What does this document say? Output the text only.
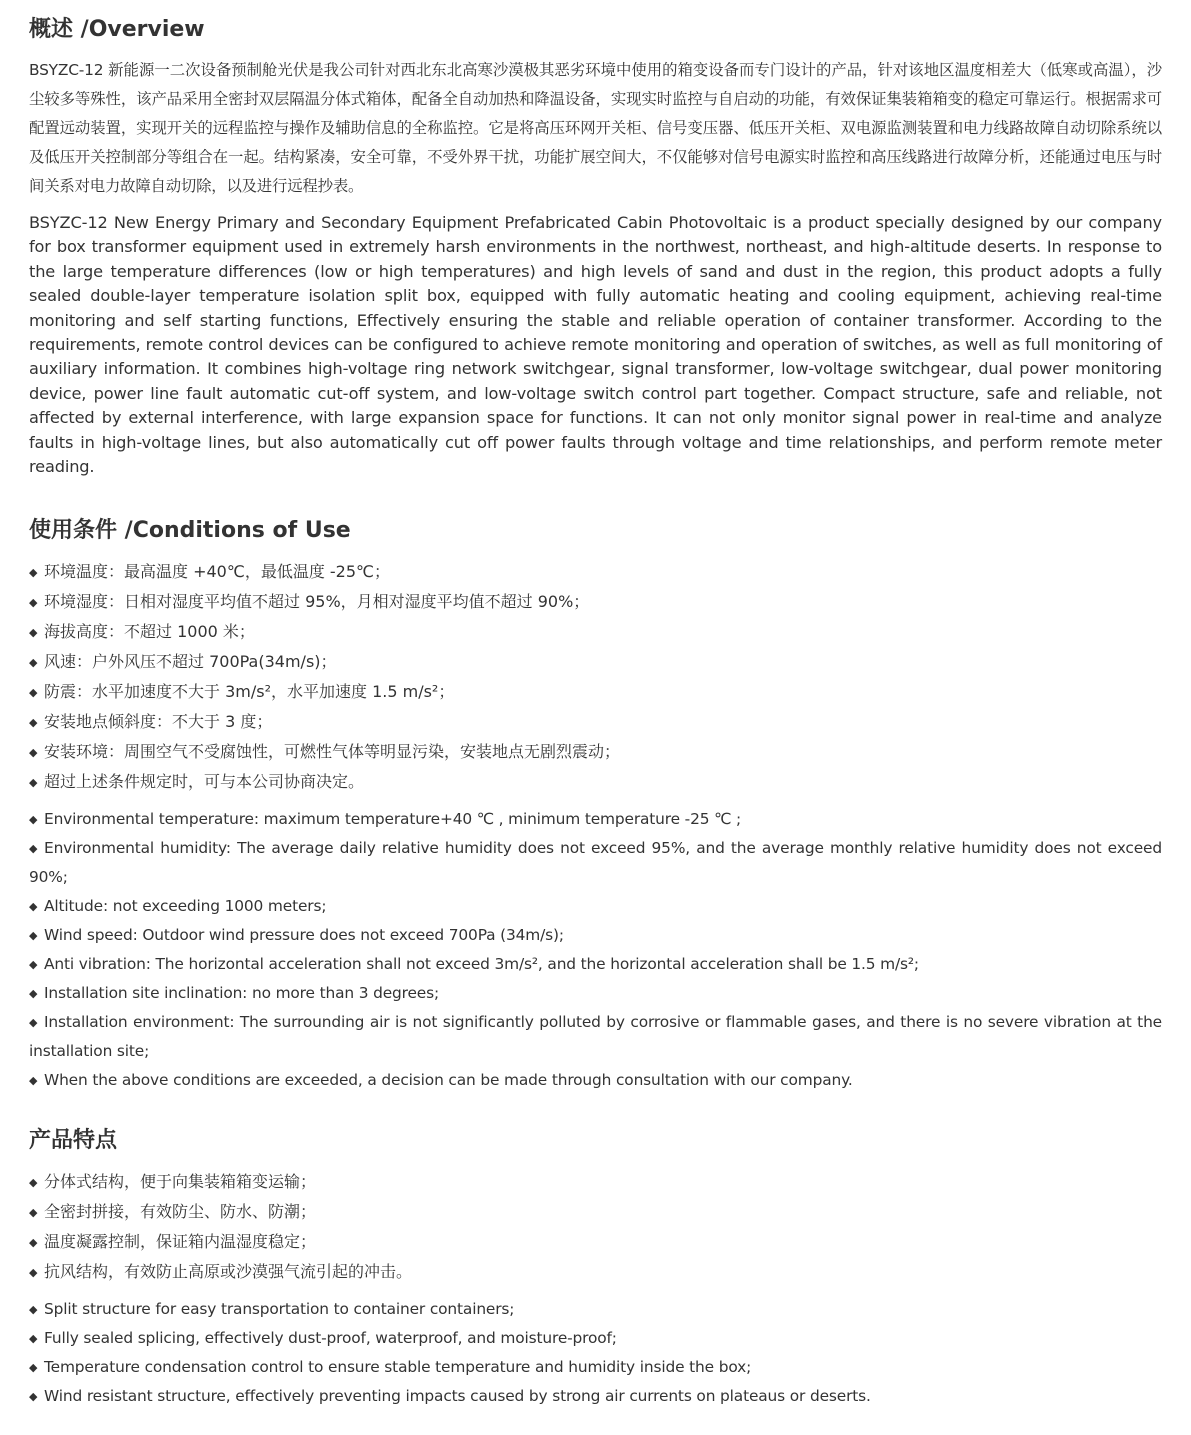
概述 /Overview

BSYZC-12 新能源一二次设备预制舱光伏是我公司针对西北东北高寒沙漠极其恶劣环境中使用的箱变设备而专门设计的产品，针对该地区温度相差大（低寒或高温），沙尘较多等殊性，该产品采用全密封双层隔温分体式箱体，配备全自动加热和降温设备，实现实时监控与自启动的功能，有效保证集装箱箱变的稳定可靠运行。根据需求可配置远动装置，实现开关的远程监控与操作及辅助信息的全称监控。它是将高压环网开关柜、信号变压器、低压开关柜、双电源监测装置和电力线路故障自动切除系统以及低压开关控制部分等组合在一起。结构紧凑，安全可靠，不受外界干扰，功能扩展空间大，不仅能够对信号电源实时监控和高压线路进行故障分析，还能通过电压与时间关系对电力故障自动切除，以及进行远程抄表。

BSYZC-12 New Energy Primary and Secondary Equipment Prefabricated Cabin Photovoltaic is a product specially designed by our company for box transformer equipment used in extremely harsh environments in the northwest, northeast, and high-altitude deserts. In response to the large temperature differences (low or high temperatures) and high levels of sand and dust in the region, this product adopts a fully sealed double-layer temperature isolation split box, equipped with fully automatic heating and cooling equipment, achieving real-time monitoring and self starting functions, Effectively ensuring the stable and reliable operation of container transformer. According to the requirements, remote control devices can be configured to achieve remote monitoring and operation of switches, as well as full monitoring of auxiliary information. It combines high-voltage ring network switchgear, signal transformer, low-voltage switchgear, dual power monitoring device, power line fault automatic cut-off system, and low-voltage switch control part together. Compact structure, safe and reliable, not affected by external interference, with large expansion space for functions. It can not only monitor signal power in real-time and analyze faults in high-voltage lines, but also automatically cut off power faults through voltage and time relationships, and perform remote meter reading.

使用条件 /Conditions of Use
◆ 环境温度：最高温度 +40℃，最低温度 -25℃；
◆ 环境湿度：日相对湿度平均值不超过 95%，月相对湿度平均值不超过 90%；
◆ 海拔高度：不超过 1000 米；
◆ 风速：户外风压不超过 700Pa(34m/s)；
◆ 防震：水平加速度不大于 3m/s²，水平加速度 1.5 m/s²；
◆ 安装地点倾斜度：不大于 3 度；
◆ 安装环境：周围空气不受腐蚀性，可燃性气体等明显污染，安装地点无剧烈震动；
◆ 超过上述条件规定时，可与本公司协商决定。
◆ Environmental temperature: maximum temperature+40 ℃ , minimum temperature -25 ℃ ;
◆ Environmental humidity: The average daily relative humidity does not exceed 95%, and the average monthly relative humidity does not exceed 90%;
◆ Altitude: not exceeding 1000 meters;
◆ Wind speed: Outdoor wind pressure does not exceed 700Pa (34m/s);
◆ Anti vibration: The horizontal acceleration shall not exceed 3m/s², and the horizontal acceleration shall be 1.5 m/s²;
◆ Installation site inclination: no more than 3 degrees;
◆ Installation environment: The surrounding air is not significantly polluted by corrosive or flammable gases, and there is no severe vibration at the installation site;
◆ When the above conditions are exceeded, a decision can be made through consultation with our company.
产品特点
◆ 分体式结构，便于向集装箱箱变运输；
◆ 全密封拼接，有效防尘、防水、防潮；
◆ 温度凝露控制，保证箱内温湿度稳定；
◆ 抗风结构，有效防止高原或沙漠强气流引起的冲击。
◆ Split structure for easy transportation to container containers;
◆ Fully sealed splicing, effectively dust-proof, waterproof, and moisture-proof;
◆ Temperature condensation control to ensure stable temperature and humidity inside the box;
◆ Wind resistant structure, effectively preventing impacts caused by strong air currents on plateaus or deserts.
